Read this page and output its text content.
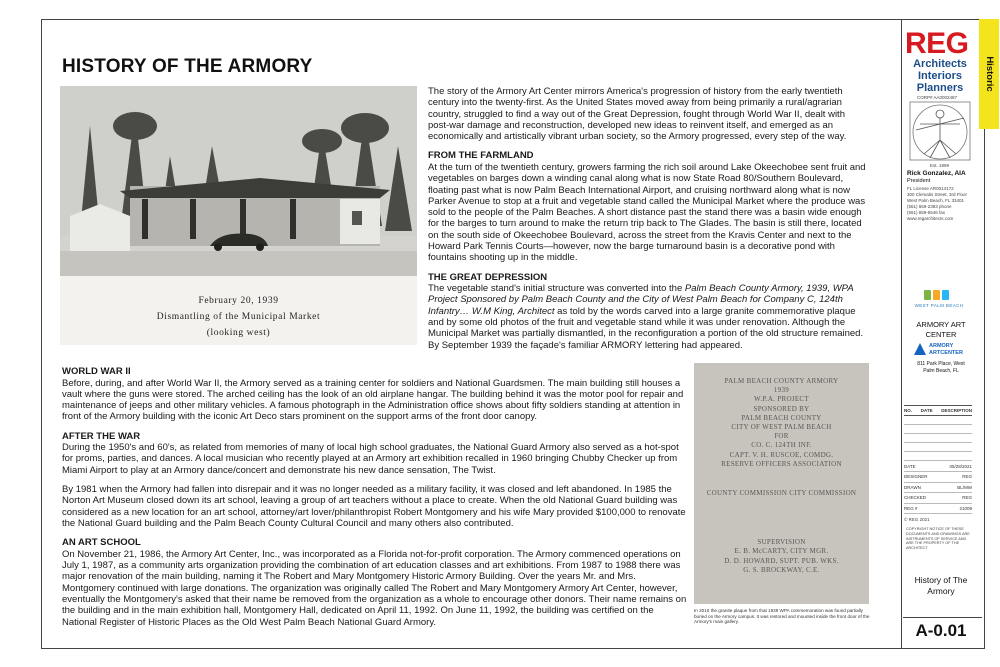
HISTORY OF THE ARMORY
February 20, 1939
Dismantling of the Municipal Market
(looking west)

The story of the Armory Art Center mirrors America's progression of history from the early twentieth century into the twenty-first. As the United States moved away from being primarily a rural/agrarian country, struggled to find a way out of the Great Depression, fought through World War II, dealt with post-war damage and reconstruction, developed new ideas to reinvent itself, and emerged as an economically and artistically vibrant urban society, so the Armory progressed, every step of the way.

FROM THE FARMLAND

At the turn of the twentieth century, growers farming the rich soil around Lake Okeechobee sent fruit and vegetables on barges down a winding canal along what is now State Road 80/Southern Boulevard, floating past what is now Palm Beach International Airport, and cruising northward along what is now Parker Avenue to stop at a fruit and vegetable stand called the Municipal Market where the produce was sold to the people of the Palm Beaches. A short distance past the stand there was a basin wide enough for the barges to turn around to make the return trip back to The Glades. The basin is still there, located on the south side of Okeechobee Boulevard, across the street from the Kravis Center and next to the Howard Park Tennis Courts—however, now the barge turnaround basin is a decorative pond with fountains shooting up in the middle.

THE GREAT DEPRESSION

The vegetable stand's initial structure was converted into the Palm Beach County Armory, 1939, WPA Project Sponsored by Palm Beach County and the City of West Palm Beach for Company C, 124th Infantry… W.M King, Architect as told by the words carved into a large granite commemorative plaque and by some old photos of the fruit and vegetable stand while it was under renovation. Although the Municipal Market was partially dismantled, in the reconfiguration a portion of the old structure remained. By September 1939 the façade's familiar ARMORY lettering had appeared.

WORLD WAR II

Before, during, and after World War II, the Armory served as a training center for soldiers and National Guardsmen. The main building still houses a vault where the guns were stored. The arched ceiling has the look of an old airplane hangar. The building behind it was the motor pool for repair and maintenance of jeeps and other military vehicles. A famous photograph in the Administration office shows about fifty soldiers standing at attention in front of the Armory building with the iconic Art Deco stars prominent on the support arms of the front door canopy.

AFTER THE WAR

During the 1950's and 60's, as related from memories of many of local high school graduates, the National Guard Armory also served as a hot-spot for proms, parties, and dances. A local musician who recently played at an Armory art exhibition recalled in 1960 bringing Chubby Checker up from Miami Airport to play at an Armory dance/concert and demonstrate his new dance sensation, The Twist.

By 1981 when the Armory had fallen into disrepair and it was no longer needed as a military facility, it was closed and left abandoned. In 1985 the Norton Art Museum closed down its art school, leaving a group of art teachers without a place to create. When the old National Guard building was considered as a new location for an art school, attorney/art lover/philanthropist Robert Montgomery and his wife Mary provided $100,000 to renovate the National Guard building and the Palm Beach County Cultural Council and many others also contributed.

AN ART SCHOOL

On November 21, 1986, the Armory Art Center, Inc., was incorporated as a Florida not-for-profit corporation. The Armory commenced operations on July 1, 1987, as a community arts organization providing the combination of art education classes and art exhibitions. From 1987 to 1988 there was major renovation of the main building, naming it The Robert and Mary Montgomery Historic Armory Building. Over the years Mr. and Mrs. Montgomery continued with large donations. The organization was originally called The Robert and Mary Montgomery Armory Art Center, however, eventually the Montgomery's asked that their name be removed from the organization as a whole to encourage other donors. Their name remains on the building and in the main exhibition hall, Montgomery Hall, dedicated on April 11, 1992. On June 11, 1992, the building was certified on the National Register of Historic Places as the Old West Palm Beach National Guard Armory.

PALM BEACH COUNTY ARMORY
1939
W.P.A. PROJECT
SPONSORED BY
PALM BEACH COUNTY
CITY OF WEST PALM BEACH
FOR
CO. C. 124TH INF.
CAPT. V. H. RUSCOE, COMDG.
RESERVE OFFICERS ASSOCIATION
COUNTY COMMISSION CITY COMMISSION
SUPERVISION
E. B. McCARTY, CITY MGR.
D. D. HOWARD, SUPT. PUB. WKS.
G. S. BROCKWAY, C.E.
In 2010 the granite plaque from that 1939 WPA commemoration was found partially buried on the Armory campus. It was restored and mounted inside the front door of the Armory's main gallery.
Historic
REG
Architects
Interiors
Planners
CORP# AA0002487
Est. 1999
Rick Gonzalez, AIA
President
FL License AR0014172
300 Clematis Street, 3rd Floor
West Palm Beach, FL 33401
(561) 659-2383 phone
(561) 659-5546 fax
www.regarchitects.com
WEST PALM BEACH
ARMORY ART
CENTER
ARMORY
ARTCENTER
811 Park Place, West
Palm Beach, FL
NO. DATE DESCRIPTION
DATE	05/28/2021
DESIGNER	REG
DRAWN	BL/MW
CHECKED	REG
REG #	21009
© REG 2021
COPYRIGHT NOTICE OF THESE DOCUMENTS AND DRAWINGS ARE INSTRUMENTS OF SERVICE AND ARE THE PROPERTY OF THE ARCHITECT
History of The
Armory
A-0.01
